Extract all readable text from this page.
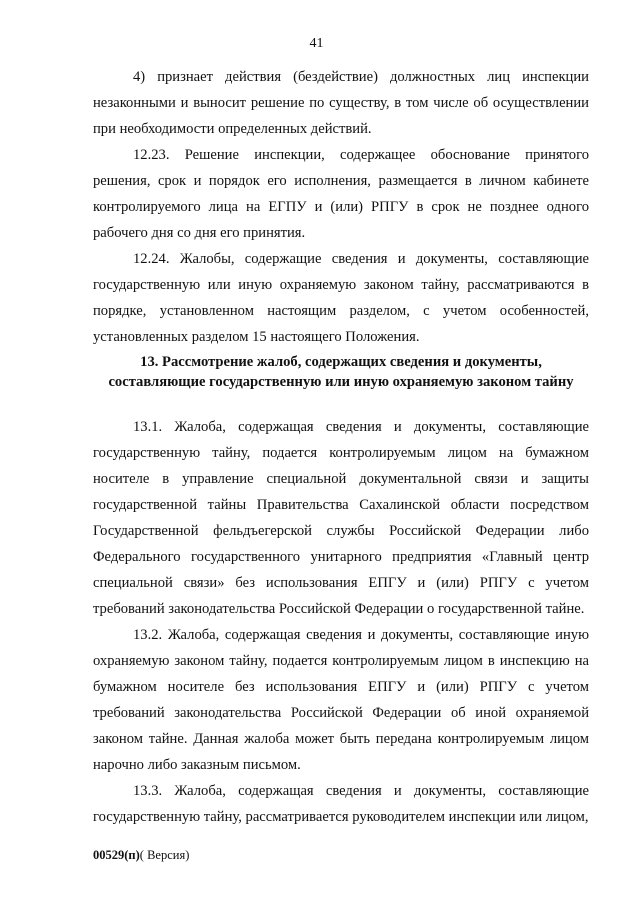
41

4) признает действия (бездействие) должностных лиц инспекции незаконными и выносит решение по существу, в том числе об осуществлении при необходимости определенных действий.

12.23. Решение инспекции, содержащее обоснование принятого решения, срок и порядок его исполнения, размещается в личном кабинете контролируемого лица на ЕГПУ и (или) РПГУ в срок не позднее одного рабочего дня со дня его принятия.

12.24. Жалобы, содержащие сведения и документы, составляющие государственную или иную охраняемую законом тайну, рассматриваются в порядке, установленном настоящим разделом, с учетом особенностей, установленных разделом 15 настоящего Положения.

13. Рассмотрение жалоб, содержащих сведения и документы, составляющие государственную или иную охраняемую законом тайну

13.1. Жалоба, содержащая сведения и документы, составляющие государственную тайну, подается контролируемым лицом на бумажном носителе в управление специальной документальной связи и защиты государственной тайны Правительства Сахалинской области посредством Государственной фельдъегерской службы Российской Федерации либо Федерального государственного унитарного предприятия «Главный центр специальной связи» без использования ЕПГУ и (или) РПГУ с учетом требований законодательства Российской Федерации о государственной тайне.

13.2. Жалоба, содержащая сведения и документы, составляющие иную охраняемую законом тайну, подается контролируемым лицом в инспекцию на бумажном носителе без использования ЕПГУ и (или) РПГУ с учетом требований законодательства Российской Федерации об иной охраняемой законом тайне. Данная жалоба может быть передана контролируемым лицом нарочно либо заказным письмом.

13.3. Жалоба, содержащая сведения и документы, составляющие государственную тайну, рассматривается руководителем инспекции или лицом,

00529(п)( Версия)
